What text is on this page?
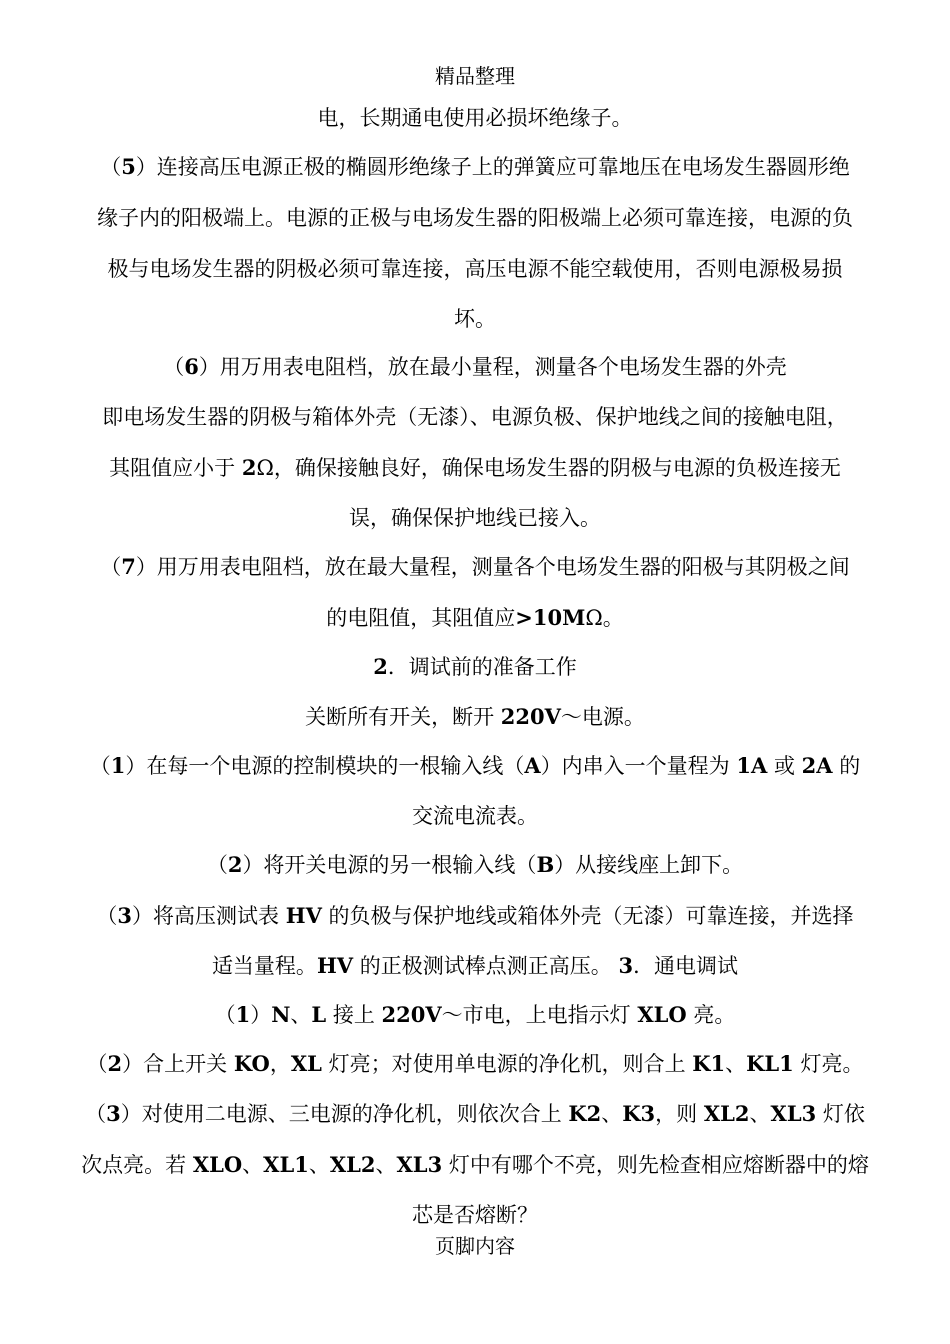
精品整理
电，长期通电使用必损坏绝缘子。
（5）连接高压电源正极的椭圆形绝缘子上的弹簧应可靠地压在电场发生器圆形绝
缘子内的阳极端上。电源的正极与电场发生器的阳极端上必须可靠连接，电源的负
极与电场发生器的阴极必须可靠连接，高压电源不能空载使用，否则电源极易损
坏。
（6）用万用表电阻档，放在最小量程，测量各个电场发生器的外壳
即电场发生器的阴极与箱体外壳（无漆）、电源负极、保护地线之间的接触电阻，
其阻值应小于 2Ω，确保接触良好，确保电场发生器的阴极与电源的负极连接无
误，确保保护地线已接入。
（7）用万用表电阻档，放在最大量程，测量各个电场发生器的阳极与其阴极之间
的电阻值，其阻值应>10MΩ。
2．调试前的准备工作
关断所有开关，断开 220V～电源。
（1）在每一个电源的控制模块的一根输入线（A）内串入一个量程为 1A 或 2A 的
交流电流表。
（2）将开关电源的另一根输入线（B）从接线座上卸下。
（3）将高压测试表 HV 的负极与保护地线或箱体外壳（无漆）可靠连接，并选择
适当量程。HV 的正极测试棒点测正高压。 3．通电调试
（1）N、L 接上 220V～市电，上电指示灯 XLO 亮。
（2）合上开关 KO，XL 灯亮；对使用单电源的净化机，则合上 K1、KL1 灯亮。
（3）对使用二电源、三电源的净化机，则依次合上 K2、K3，则 XL2、XL3 灯依
次点亮。若 XLO、XL1、XL2、XL3 灯中有哪个不亮，则先检查相应熔断器中的熔
芯是否熔断？
页脚内容
